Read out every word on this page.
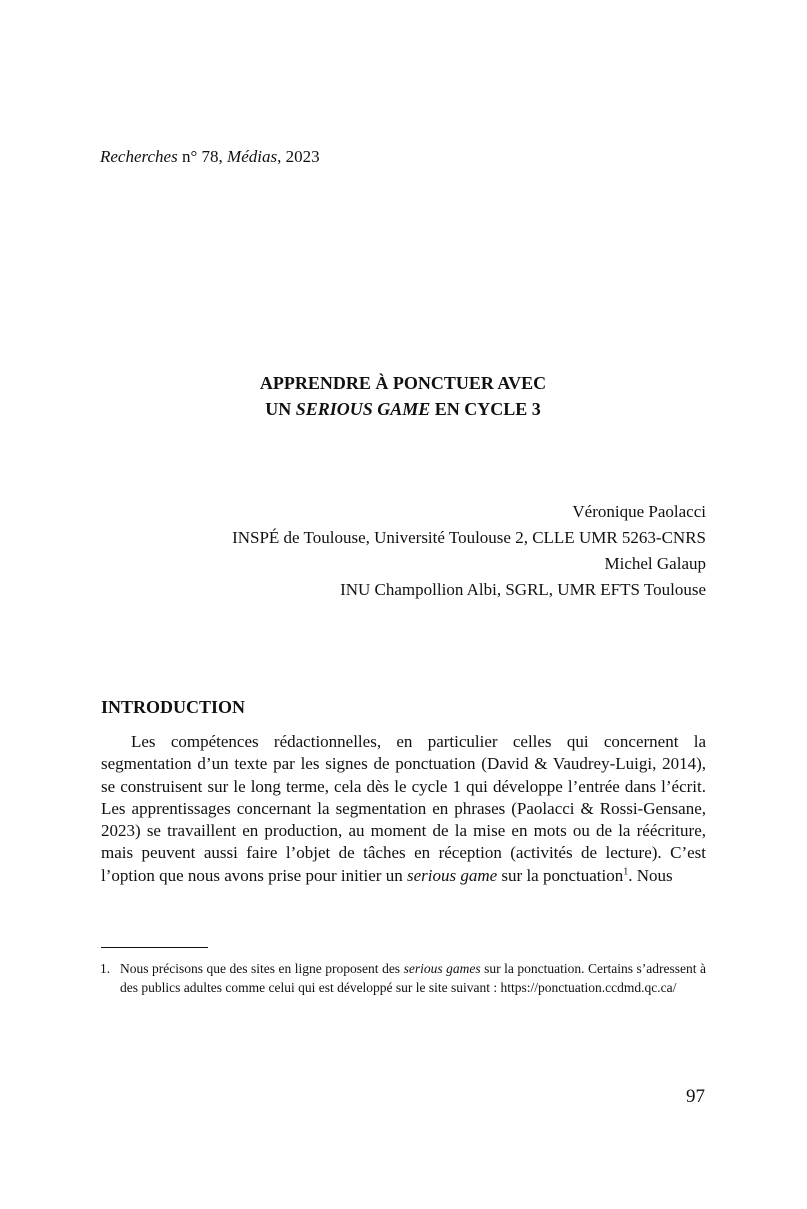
Recherches n° 78, Médias, 2023
APPRENDRE À PONCTUER AVEC
UN SERIOUS GAME EN CYCLE 3
Véronique Paolacci
INSPÉ de Toulouse, Université Toulouse 2, CLLE UMR 5263-CNRS
Michel Galaup
INU Champollion Albi, SGRL, UMR EFTS Toulouse
INTRODUCTION

Les compétences rédactionnelles, en particulier celles qui concernent la segmentation d’un texte par les signes de ponctuation (David & Vaudrey-Luigi, 2014), se construisent sur le long terme, cela dès le cycle 1 qui développe l’entrée dans l’écrit. Les apprentissages concernant la segmentation en phrases (Paolacci & Rossi-Gensane, 2023) se travaillent en production, au moment de la mise en mots ou de la réécriture, mais peuvent aussi faire l’objet de tâches en réception (activités de lecture). C’est l’option que nous avons prise pour initier un serious game sur la ponctuation$^1$. Nous

1. Nous précisons que des sites en ligne proposent des serious games sur la ponctuation. Certains s’adressent à des publics adultes comme celui qui est développé sur le site suivant : https://ponctuation.ccdmd.qc.ca/

97
